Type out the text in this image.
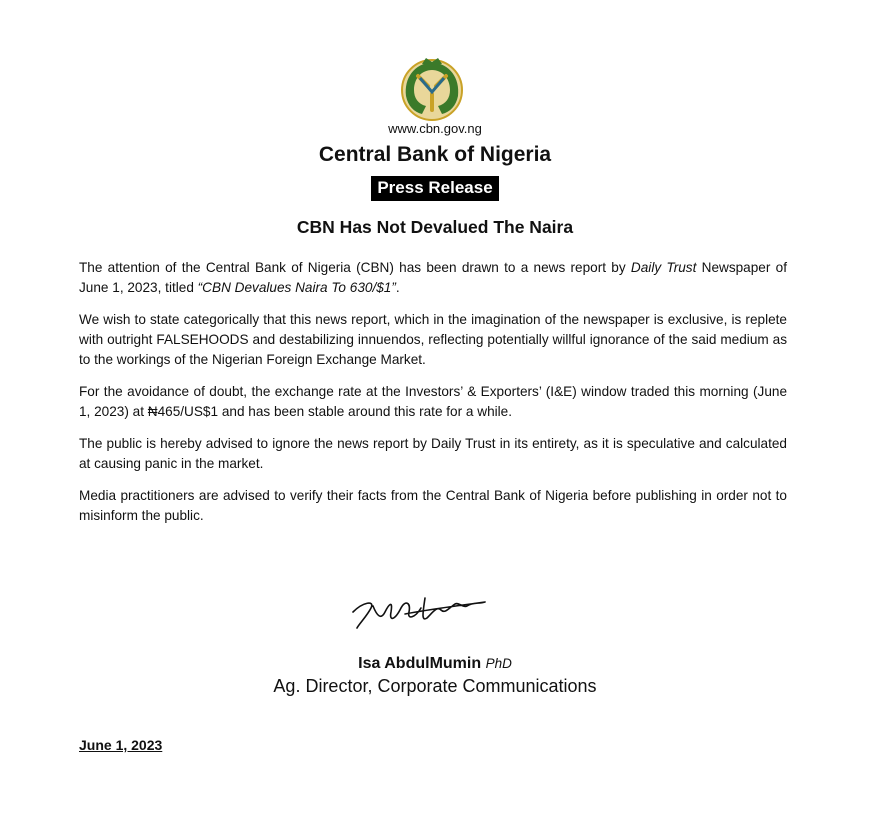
www.cbn.gov.ng
Central Bank of Nigeria
Press Release
CBN Has Not Devalued The Naira

The attention of the Central Bank of Nigeria (CBN) has been drawn to a news report by Daily Trust Newspaper of June 1, 2023, titled “CBN Devalues Naira To 630/$1”.

We wish to state categorically that this news report, which in the imagination of the newspaper is exclusive, is replete with outright FALSEHOODS and destabilizing innuendos, reflecting potentially willful ignorance of the said medium as to the workings of the Nigerian Foreign Exchange Market.

For the avoidance of doubt, the exchange rate at the Investors’ & Exporters’ (I&E) window traded this morning (June 1, 2023) at ₦465/US$1 and has been stable around this rate for a while.

The public is hereby advised to ignore the news report by Daily Trust in its entirety, as it is speculative and calculated at causing panic in the market.

Media practitioners are advised to verify their facts from the Central Bank of Nigeria before publishing in order not to misinform the public.

Isa AbdulMumin PhD
Ag. Director, Corporate Communications
June 1, 2023
